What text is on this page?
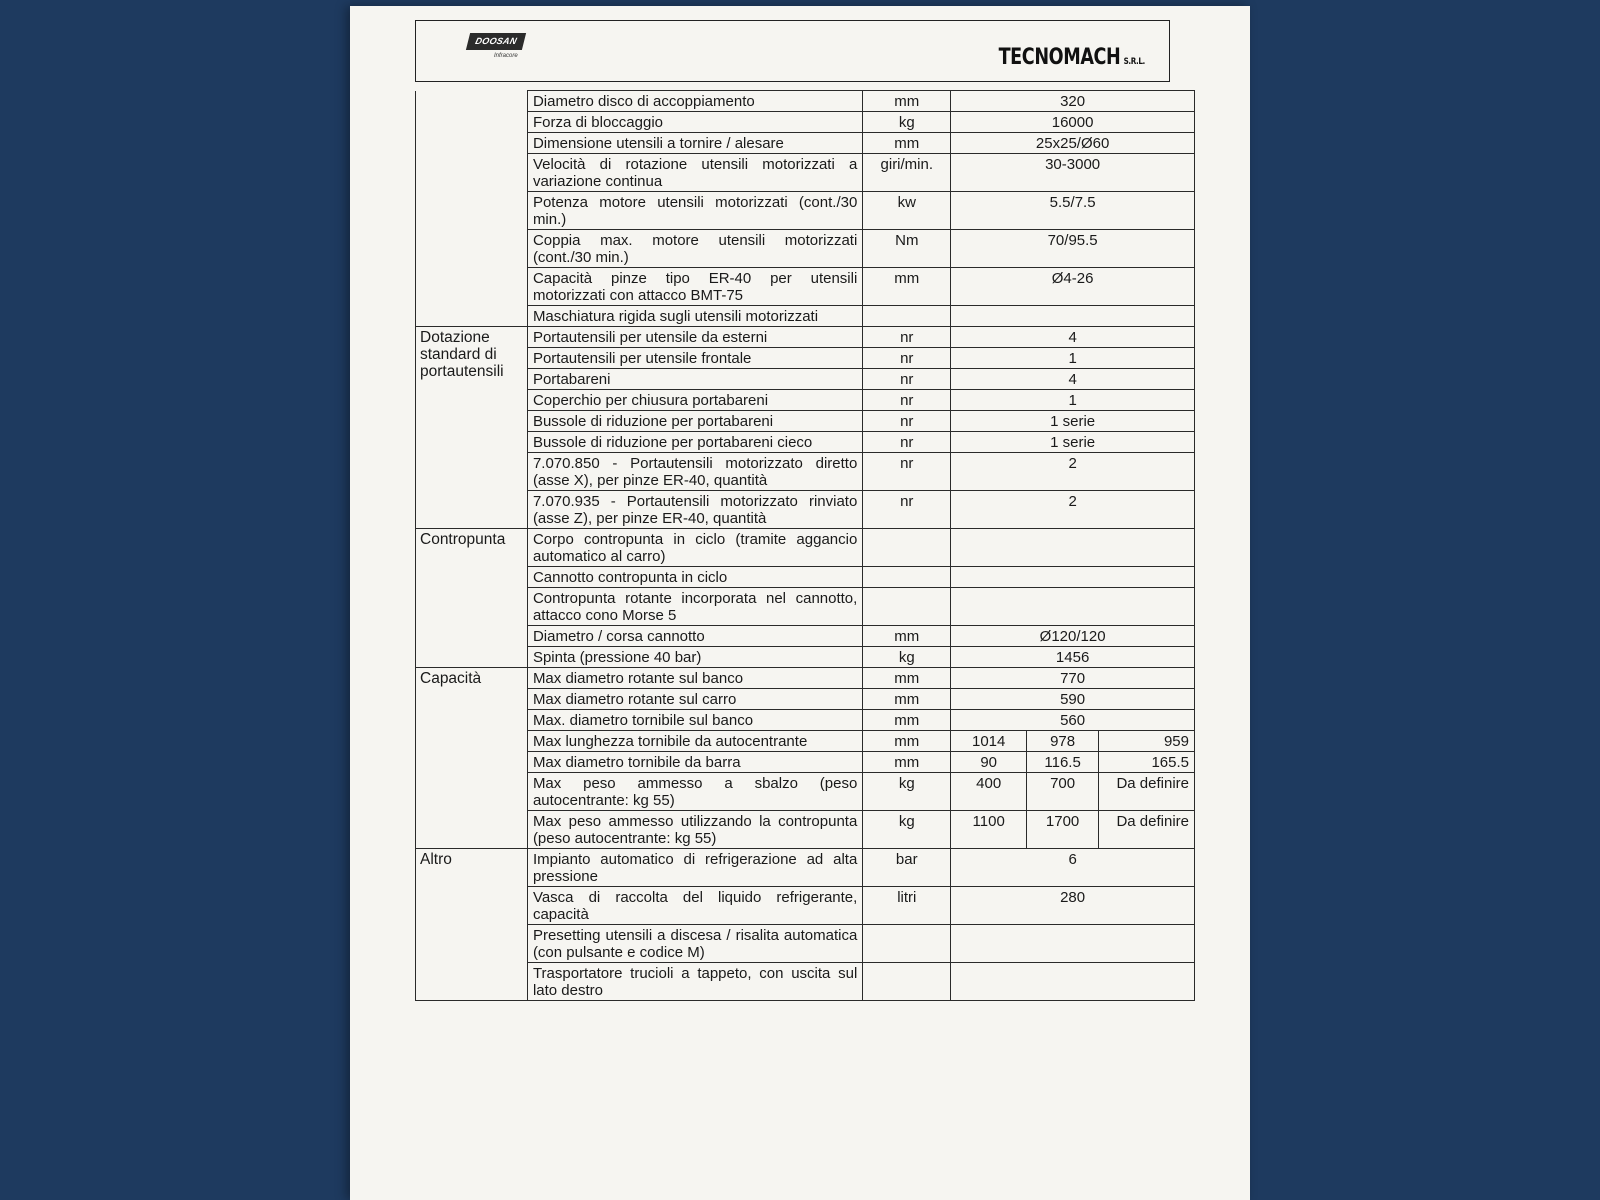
DOOSAN
Infracore	TECNOMACH S.R.L.
	Diametro disco di accoppiamento	mm	320		
	Forza di bloccaggio	kg	16000		
	Dimensione utensili a tornire / alesare	mm	25x25/Ø60		
	Velocità di rotazione utensili motorizzati a variazione continua	giri/min.	30-3000		
	Potenza motore utensili motorizzati (cont./30 min.)	kw	5.5/7.5		
	Coppia max. motore utensili motorizzati (cont./30 min.)	Nm	70/95.5		
	Capacità pinze tipo ER-40 per utensili motorizzati con attacco BMT-75	mm	Ø4-26		
	Maschiatura rigida sugli utensili motorizzati				
Dotazione standard di portautensili	Portautensili per utensile da esterni	nr	4		
	Portautensili per utensile frontale	nr	1		
	Portabareni	nr	4		
	Coperchio per chiusura portabareni	nr	1		
	Bussole di riduzione per portabareni	nr	1 serie		
	Bussole di riduzione per portabareni cieco	nr	1 serie		
	7.070.850 - Portautensili motorizzato diretto (asse X), per pinze ER-40, quantità	nr	2		
	7.070.935 - Portautensili motorizzato rinviato (asse Z), per pinze ER-40, quantità	nr	2		
Contropunta	Corpo contropunta in ciclo (tramite aggancio automatico al carro)				
	Cannotto contropunta in ciclo				
	Contropunta rotante incorporata nel cannotto, attacco cono Morse 5				
	Diametro / corsa cannotto	mm	Ø120/120		
	Spinta (pressione 40 bar)	kg	1456		
Capacità	Max diametro rotante sul banco	mm	770		
	Max diametro rotante sul carro	mm	590		
	Max. diametro tornibile sul banco	mm	560		
	Max lunghezza tornibile da autocentrante	mm	1014	978	959
	Max diametro tornibile da barra	mm	90	116.5	165.5
	Max peso ammesso a sbalzo (peso autocentrante: kg 55)	kg	400	700	Da definire
	Max peso ammesso utilizzando la contropunta (peso autocentrante: kg 55)	kg	1100	1700	Da definire
Altro	Impianto automatico di refrigerazione ad alta pressione	bar	6		
	Vasca di raccolta del liquido refrigerante, capacità	litri	280		
	Presetting utensili a discesa / risalita automatica (con pulsante e codice M)				
	Trasportatore trucioli a tappeto, con uscita sul lato destro				
